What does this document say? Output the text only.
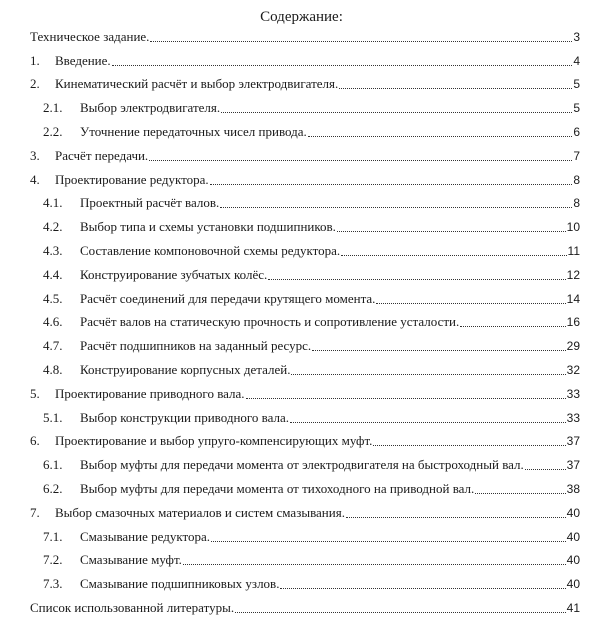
Содержание:
Техническое задание.	3
1.	Введение.	4
2.	Кинематический расчёт и выбор электродвигателя.	5
2.1.	Выбор электродвигателя.	5
2.2.	Уточнение передаточных чисел привода.	6
3.	Расчёт передачи.	7
4.	Проектирование редуктора.	8
4.1.	Проектный расчёт валов.	8
4.2.	Выбор типа и схемы установки подшипников.	10
4.3.	Составление компоновочной схемы редуктора.	11
4.4.	Конструирование зубчатых колёс.	12
4.5.	Расчёт соединений для передачи крутящего момента.	14
4.6.	Расчёт валов на статическую прочность и сопротивление усталости.	16
4.7.	Расчёт подшипников на заданный ресурс.	29
4.8.	Конструирование корпусных деталей.	32
5.	Проектирование приводного вала.	33
5.1.	Выбор конструкции приводного вала.	33
6.	Проектирование и выбор упруго-компенсирующих муфт.	37
6.1.	Выбор муфты для передачи момента от электродвигателя на быстроходный вал.	37
6.2.	Выбор муфты для передачи момента от тихоходного на приводной вал.	38
7.	Выбор смазочных материалов и систем смазывания.	40
7.1.	Смазывание редуктора.	40
7.2.	Смазывание муфт.	40
7.3.	Смазывание подшипниковых узлов.	40
Список использованной литературы.	41
